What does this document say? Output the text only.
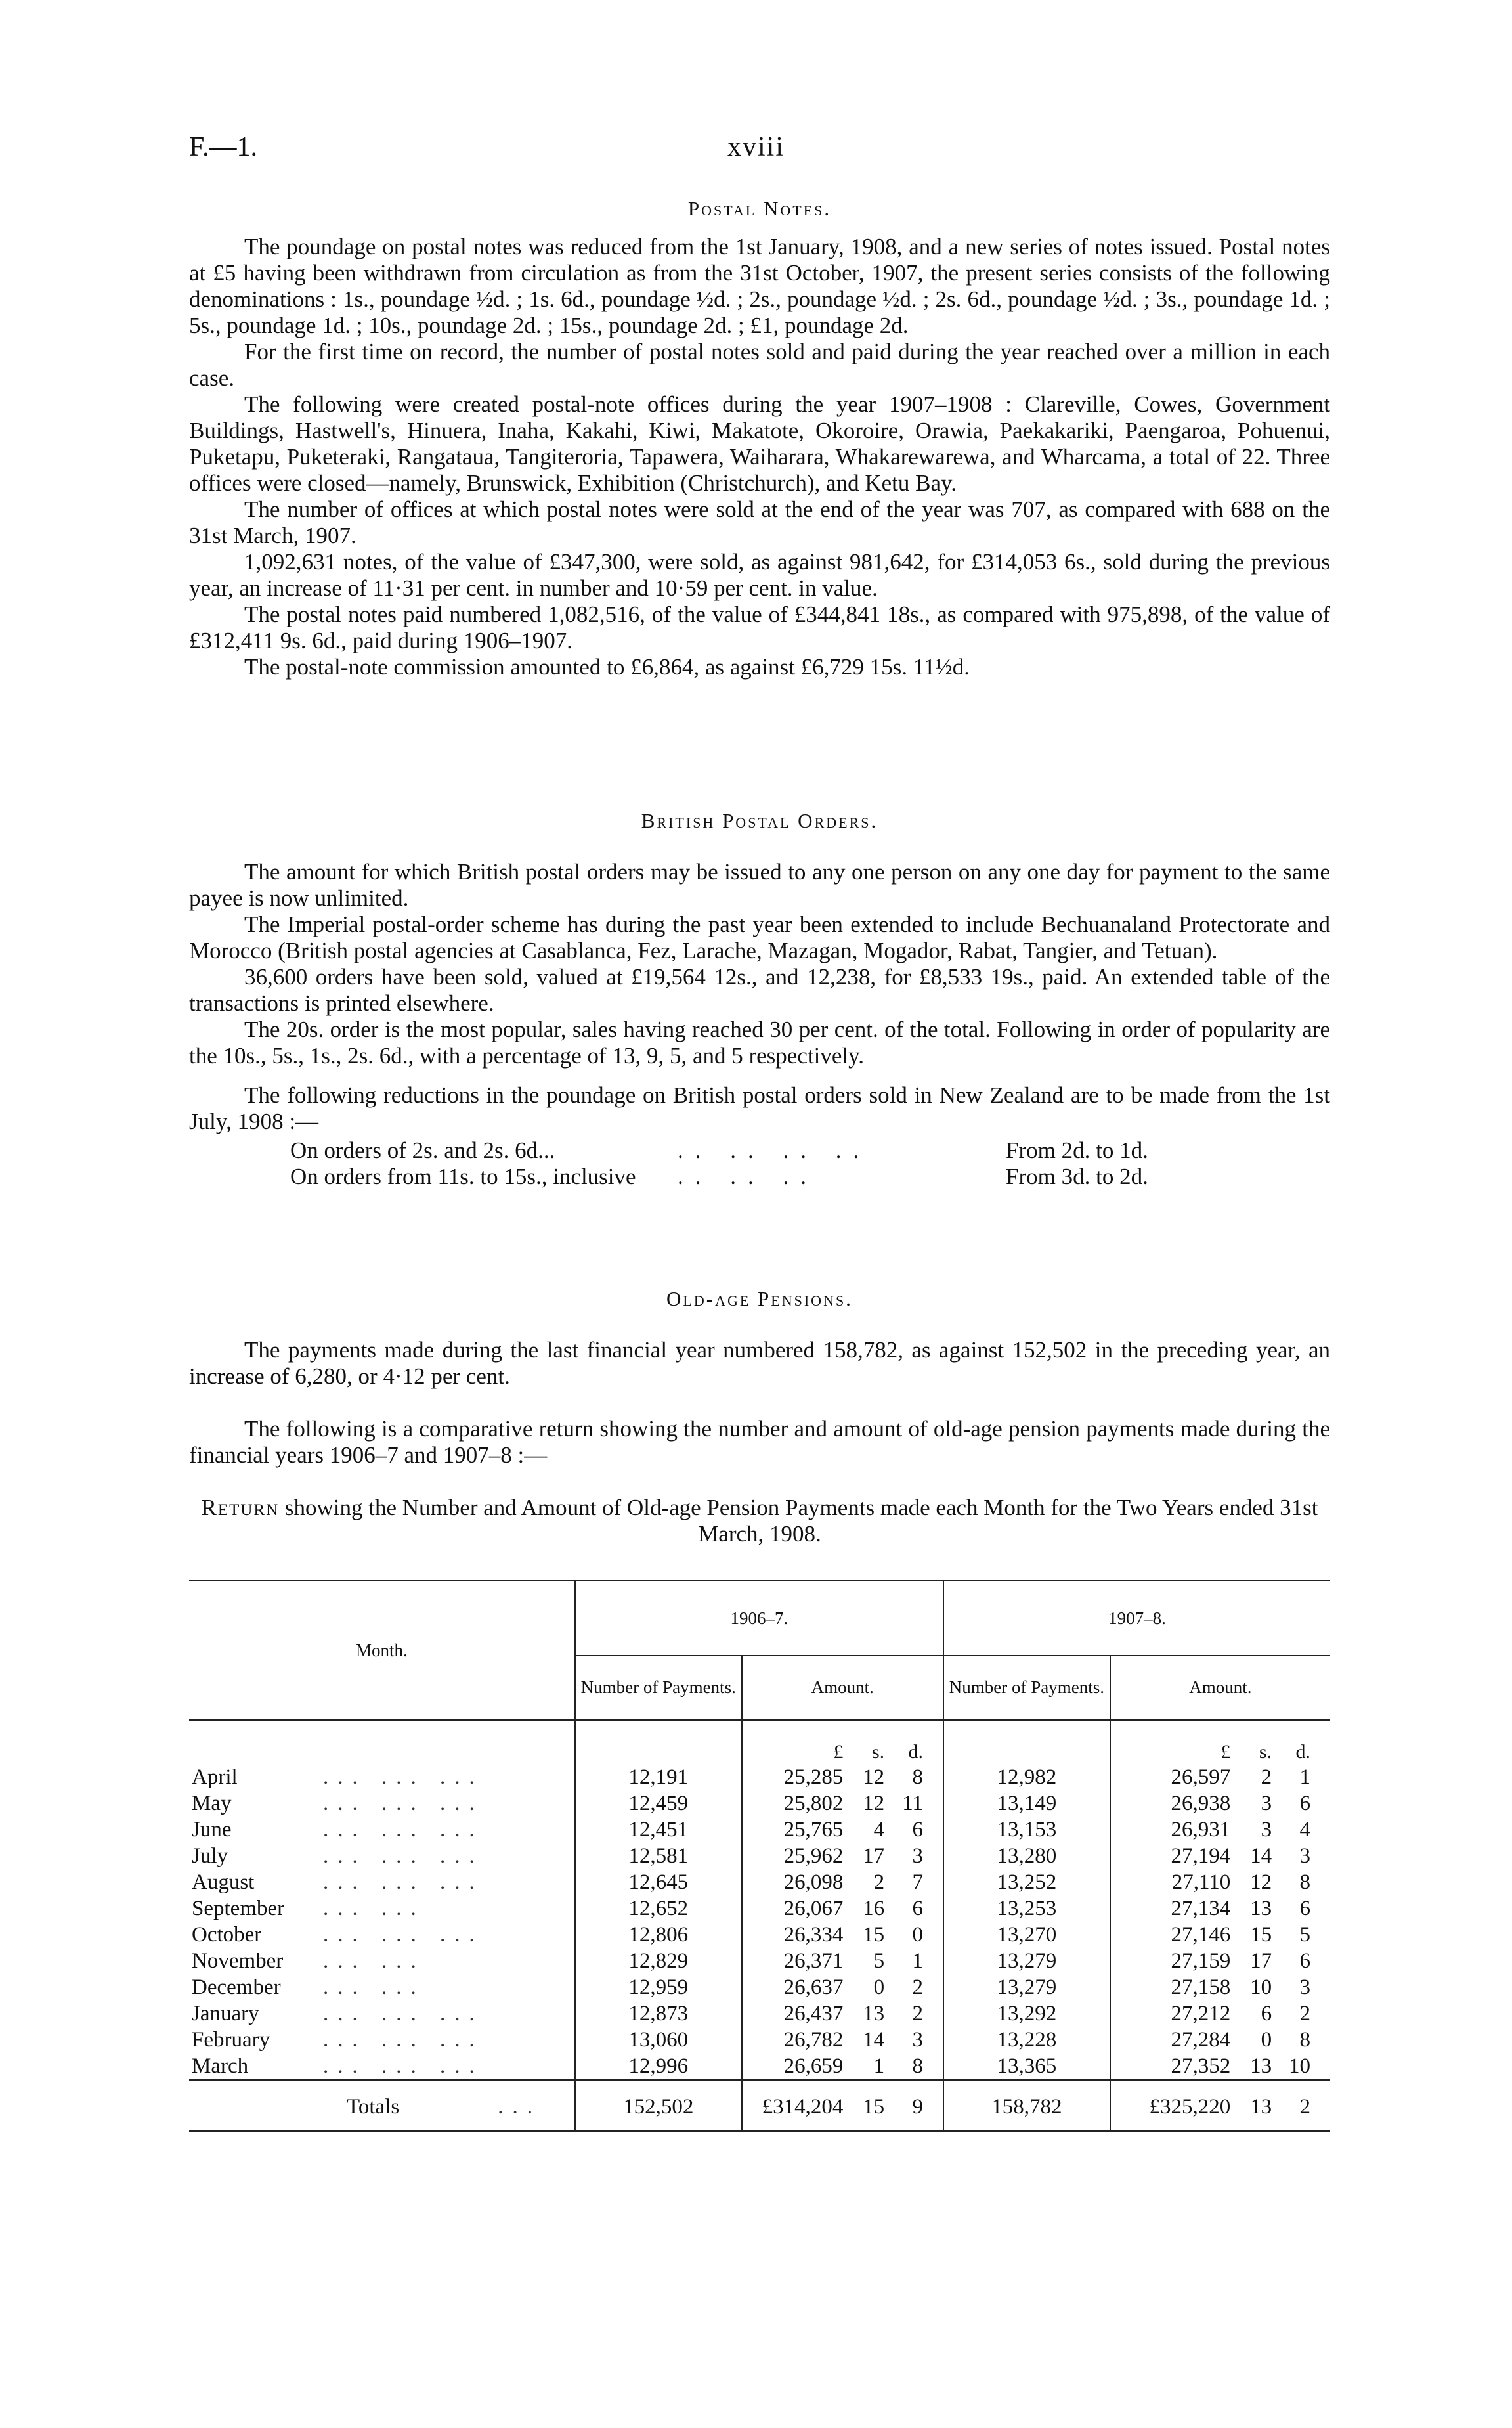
F.—1.	xviii
Postal Notes.

The poundage on postal notes was reduced from the 1st January, 1908, and a new series of notes issued. Postal notes at £5 having been withdrawn from circulation as from the 31st October, 1907, the present series consists of the following denominations : 1s., poundage ½d. ; 1s. 6d., poundage ½d. ; 2s., poundage ½d. ; 2s. 6d., poundage ½d. ; 3s., poundage 1d. ; 5s., poundage 1d. ; 10s., poundage 2d. ; 15s., poundage 2d. ; £1, poundage 2d.

For the first time on record, the number of postal notes sold and paid during the year reached over a million in each case.

The following were created postal-note offices during the year 1907–1908 : Clareville, Cowes, Government Buildings, Hastwell's, Hinuera, Inaha, Kakahi, Kiwi, Makatote, Okoroire, Orawia, Paekakariki, Paengaroa, Pohuenui, Puketapu, Puketeraki, Rangataua, Tangiteroria, Tapawera, Waiharara, Whakarewarewa, and Wharcama, a total of 22. Three offices were closed—namely, Brunswick, Exhibition (Christchurch), and Ketu Bay.

The number of offices at which postal notes were sold at the end of the year was 707, as compared with 688 on the 31st March, 1907.

1,092,631 notes, of the value of £347,300, were sold, as against 981,642, for £314,053 6s., sold during the previous year, an increase of 11·31 per cent. in number and 10·59 per cent. in value.

The postal notes paid numbered 1,082,516, of the value of £344,841 18s., as compared with 975,898, of the value of £312,411 9s. 6d., paid during 1906–1907.

The postal-note commission amounted to £6,864, as against £6,729 15s. 11½d.

British Postal Orders.

The amount for which British postal orders may be issued to any one person on any one day for payment to the same payee is now unlimited.

The Imperial postal-order scheme has during the past year been extended to include Bechuanaland Protectorate and Morocco (British postal agencies at Casablanca, Fez, Larache, Mazagan, Mogador, Rabat, Tangier, and Tetuan).

36,600 orders have been sold, valued at £19,564 12s., and 12,238, for £8,533 19s., paid. An extended table of the transactions is printed elsewhere.

The 20s. order is the most popular, sales having reached 30 per cent. of the total. Following in order of popularity are the 10s., 5s., 1s., 2s. 6d., with a percentage of 13, 9, 5, and 5 respectively.

The following reductions in the poundage on British postal orders sold in New Zealand are to be made from the 1st July, 1908 :—

On orders of 2s. and 2s. 6d...	.. .. .. ..	From 2d. to 1d.
On orders from 11s. to 15s., inclusive	.. .. ..	From 3d. to 2d.
Old-age Pensions.

The payments made during the last financial year numbered 158,782, as against 152,502 in the preceding year, an increase of 6,280, or 4·12 per cent.

The following is a comparative return showing the number and amount of old-age pension payments made during the financial years 1906–7 and 1907–8 :—

Return showing the Number and Amount of Old-age Pension Payments made each Month for the Two Years ended 31st March, 1908.
Month.	1906–7.				1907–8.			
	Number of Payments.	Amount.			Number of Payments.	Amount.		
		£	s.	d.		£	s.	d.
April ... ... ...	12,191	25,285	12	8	12,982	26,597	2	1
May ... ... ...	12,459	25,802	12	11	13,149	26,938	3	6
June ... ... ...	12,451	25,765	4	6	13,153	26,931	3	4
July ... ... ...	12,581	25,962	17	3	13,280	27,194	14	3
August ... ... ...	12,645	26,098	2	7	13,252	27,110	12	8
September ... ...	12,652	26,067	16	6	13,253	27,134	13	6
October ... ... ...	12,806	26,334	15	0	13,270	27,146	15	5
November ... ...	12,829	26,371	5	1	13,279	27,159	17	6
December ... ...	12,959	26,637	0	2	13,279	27,158	10	3
January ... ... ...	12,873	26,437	13	2	13,292	27,212	6	2
February ... ... ...	13,060	26,782	14	3	13,228	27,284	0	8
March ... ... ...	12,996	26,659	1	8	13,365	27,352	13	10
Totals ...	152,502	£314,204	15	9	158,782	£325,220	13	2
